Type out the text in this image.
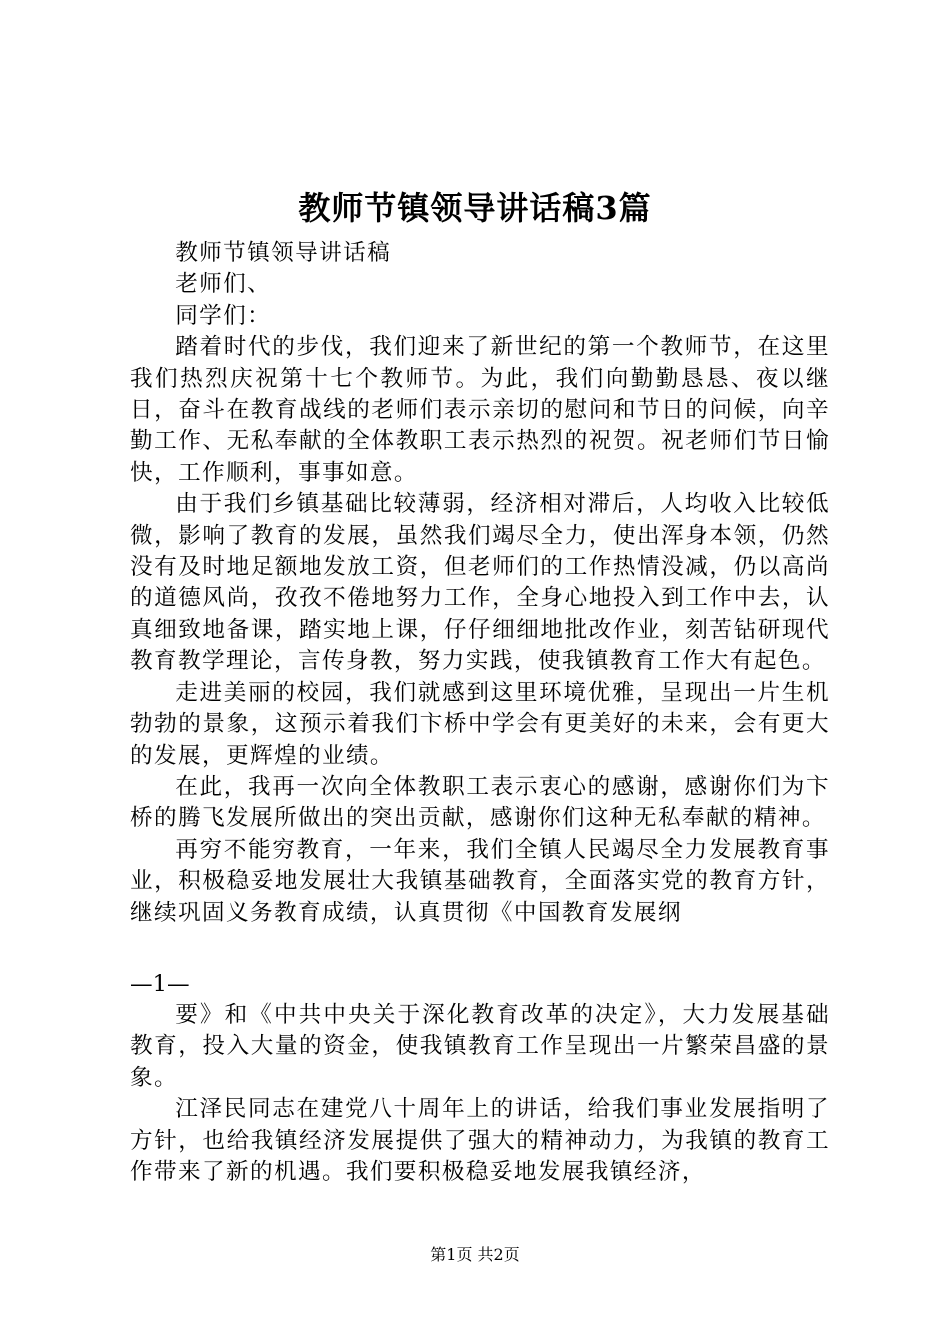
教师节镇领导讲话稿3篇

教师节镇领导讲话稿

老师们、

同学们：

踏着时代的步伐，我们迎来了新世纪的第一个教师节，在这里我们热烈庆祝第十七个教师节。为此，我们向勤勤恳恳、夜以继日，奋斗在教育战线的老师们表示亲切的慰问和节日的问候，向辛勤工作、无私奉献的全体教职工表示热烈的祝贺。祝老师们节日愉快，工作顺利，事事如意。

由于我们乡镇基础比较薄弱，经济相对滞后，人均收入比较低微，影响了教育的发展，虽然我们竭尽全力，使出浑身本领，仍然没有及时地足额地发放工资，但老师们的工作热情没减，仍以高尚的道德风尚，孜孜不倦地努力工作，全身心地投入到工作中去，认真细致地备课，踏实地上课，仔仔细细地批改作业，刻苦钻研现代教育教学理论，言传身教，努力实践，使我镇教育工作大有起色。

走进美丽的校园，我们就感到这里环境优雅，呈现出一片生机勃勃的景象，这预示着我们卞桥中学会有更美好的未来，会有更大的发展，更辉煌的业绩。

在此，我再一次向全体教职工表示衷心的感谢，感谢你们为卞桥的腾飞发展所做出的突出贡献，感谢你们这种无私奉献的精神。

再穷不能穷教育，一年来，我们全镇人民竭尽全力发展教育事业，积极稳妥地发展壮大我镇基础教育，全面落实党的教育方针，继续巩固义务教育成绩，认真贯彻《中国教育发展纲

—1—

要》和《中共中央关于深化教育改革的决定》，大力发展基础教育，投入大量的资金，使我镇教育工作呈现出一片繁荣昌盛的景象。

江泽民同志在建党八十周年上的讲话，给我们事业发展指明了方针，也给我镇经济发展提供了强大的精神动力，为我镇的教育工作带来了新的机遇。我们要积极稳妥地发展我镇经济，

第1页 共2页
